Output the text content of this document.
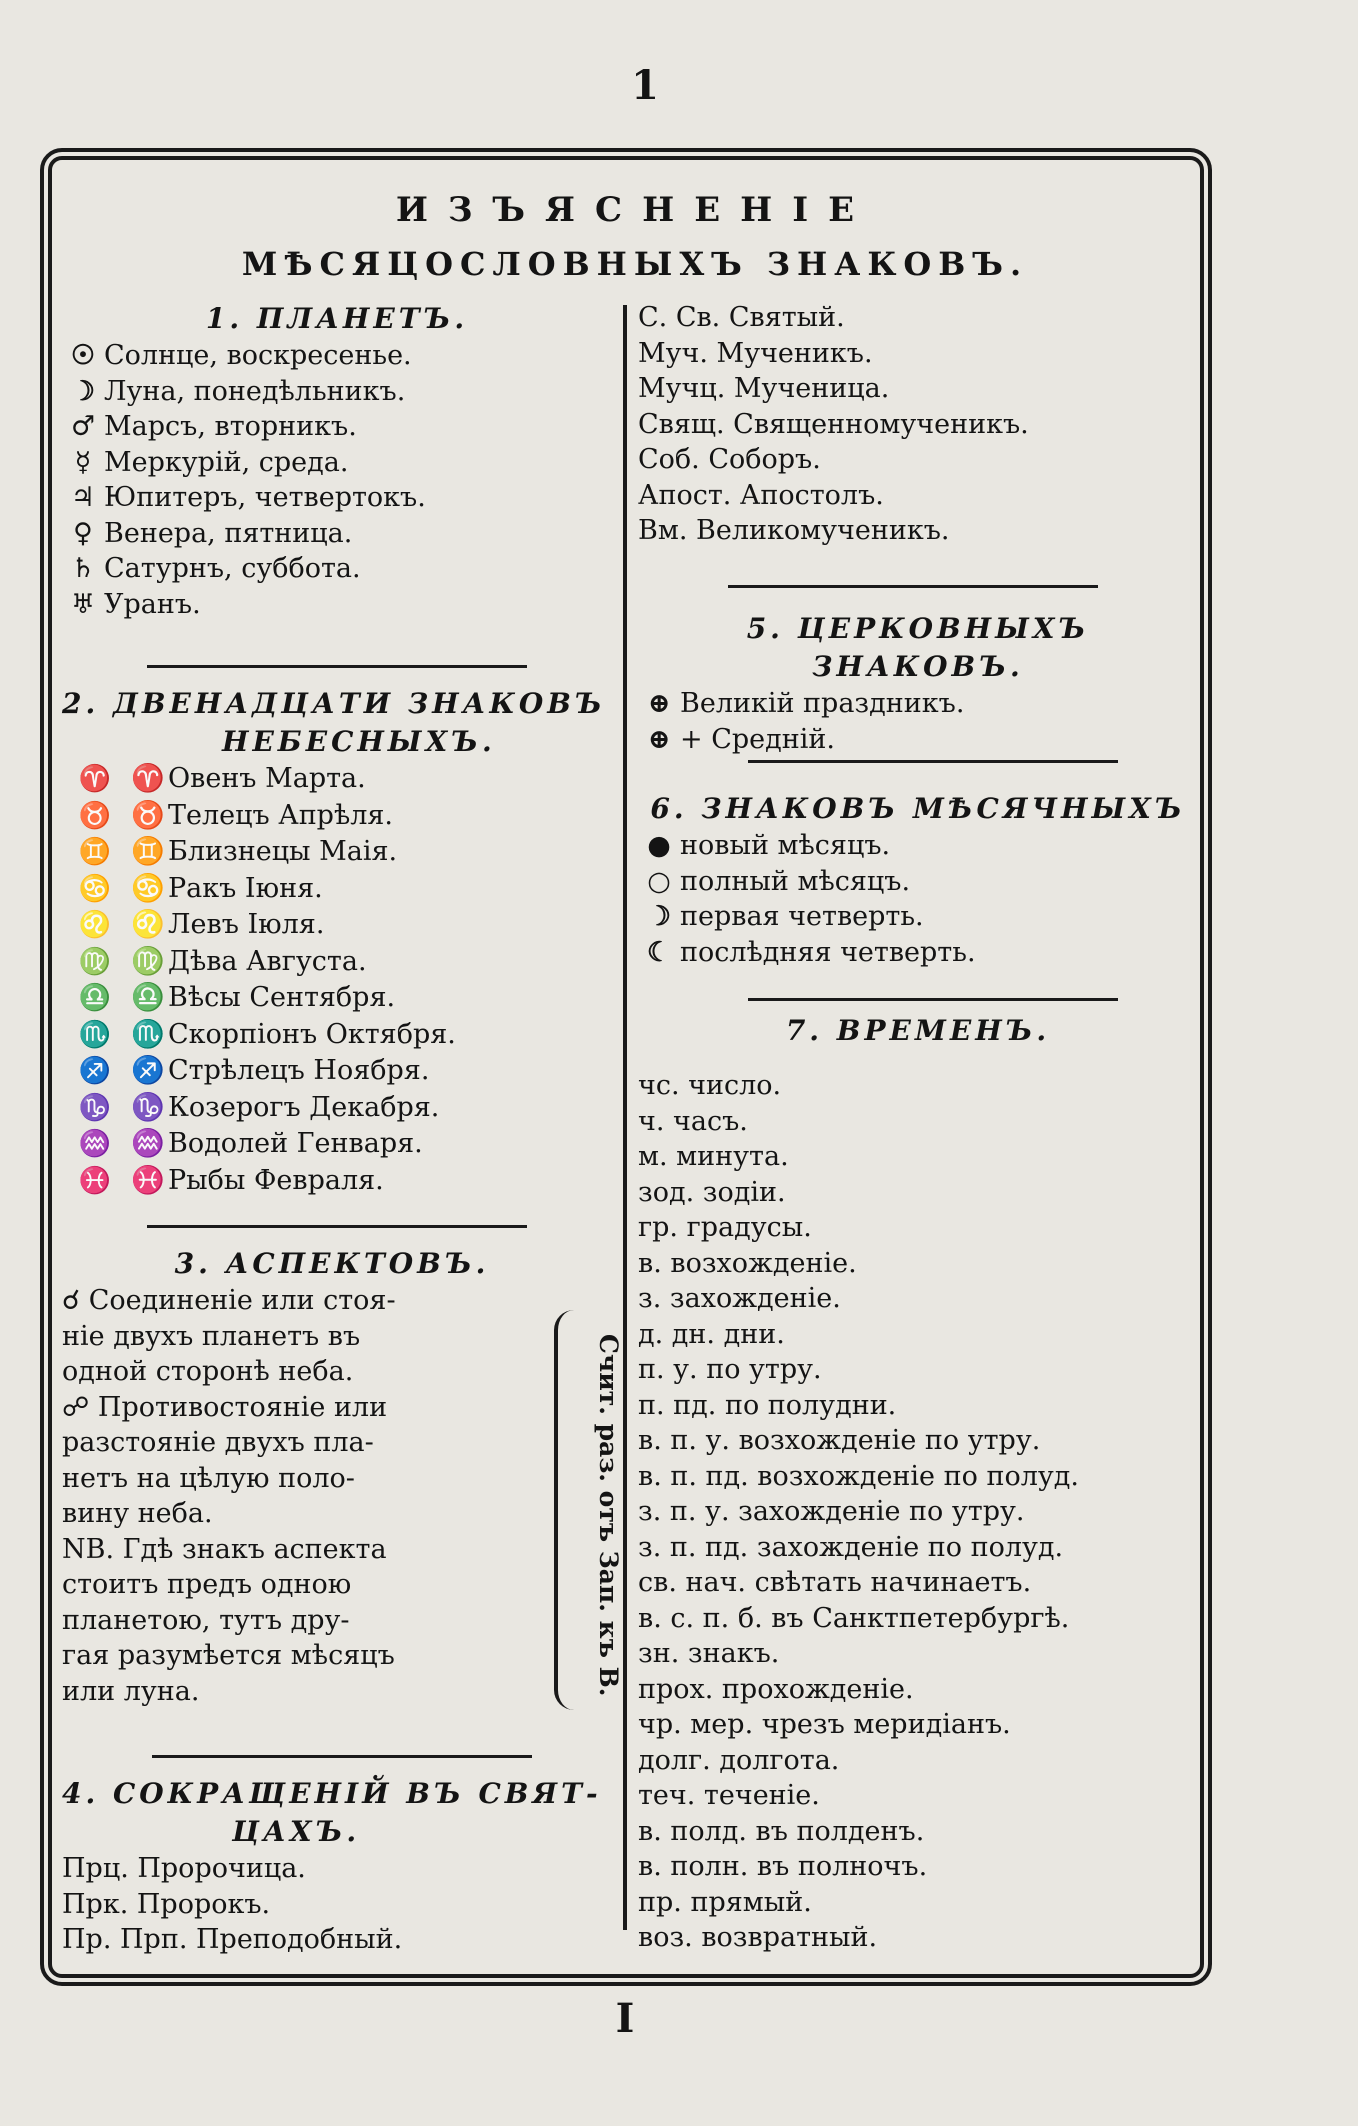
1
ИЗЪЯСНЕНІЕ
МѢСЯЦОСЛОВНЫХЪ ЗНАКОВЪ.
1. ПЛАНЕТЪ.
☉ Солнце, воскресенье.
☽ Луна, понедѣльникъ.
♂ Марсъ, вторникъ.
☿ Меркурій, среда.
♃ Юпитеръ, четвертокъ.
♀ Венера, пятница.
♄ Сатурнъ, суббота.
♅ Уранъ.
2. ДВЕНАДЦАТИ ЗНАКОВЪ
НЕБЕСНЫХЪ.
♈ ♈ Овенъ Марта.
♉ ♉ Телецъ Апрѣля.
♊ ♊ Близнецы Маія.
♋ ♋ Ракъ Іюня.
♌ ♌ Левъ Іюля.
♍ ♍ Дѣва Августа.
♎ ♎ Вѣсы Сентября.
♏ ♏ Скорпіонъ Октября.
♐ ♐ Стрѣлецъ Ноября.
♑ ♑ Козерогъ Декабря.
♒ ♒ Водолей Генваря.
♓ ♓ Рыбы Февраля.
3. АСПЕКТОВЪ.
☌ Соединеніе или стоя-
ніе двухъ планетъ въ
одной сторонѣ неба.
☍ Противостояніе или
разстояніе двухъ пла-
нетъ на цѣлую поло-
вину неба.
NB. Гдѣ знакъ аспекта
стоитъ предъ одною
планетою, тутъ дру-
гая разумѣется мѣсяцъ
или луна.	Счит. раз. отъ Зап. къ В.
4. СОКРАЩЕНІЙ ВЪ СВЯТ-
ЦАХЪ.
Прц. Пророчица.
Прк. Пророкъ.
Пр. Прп. Преподобный.
С. Св. Святый.
Муч. Мученикъ.
Мучц. Мученица.
Свящ. Священномученикъ.
Соб. Соборъ.
Апост. Апостолъ.
Вм. Великомученикъ.
5. ЦЕРКОВНЫХЪ ЗНАКОВЪ.
⊕ Великій праздникъ.
⊕ + Средній.
6. ЗНАКОВЪ МѢСЯЧНЫХЪ
● новый мѣсяцъ.
○ полный мѣсяцъ.
☽ первая четверть.
☾ послѣдняя четверть.
7. ВРЕМЕНЪ.
чс. число.
ч. часъ.
м. минута.
зод. зодіи.
гр. градусы.
в. возхожденіе.
з. захожденіе.
д. дн. дни.
п. у. по утру.
п. пд. по полудни.
в. п. у. возхожденіе по утру.
в. п. пд. возхожденіе по полуд.
з. п. у. захожденіе по утру.
з. п. пд. захожденіе по полуд.
св. нач. свѣтать начинаетъ.
в. с. п. б. въ Санктпетербургѣ.
зн. знакъ.
прох. прохожденіе.
чр. мер. чрезъ меридіанъ.
долг. долгота.
теч. теченіе.
в. полд. въ полденъ.
в. полн. въ полночъ.
пр. прямый.
воз. возвратный.
I
